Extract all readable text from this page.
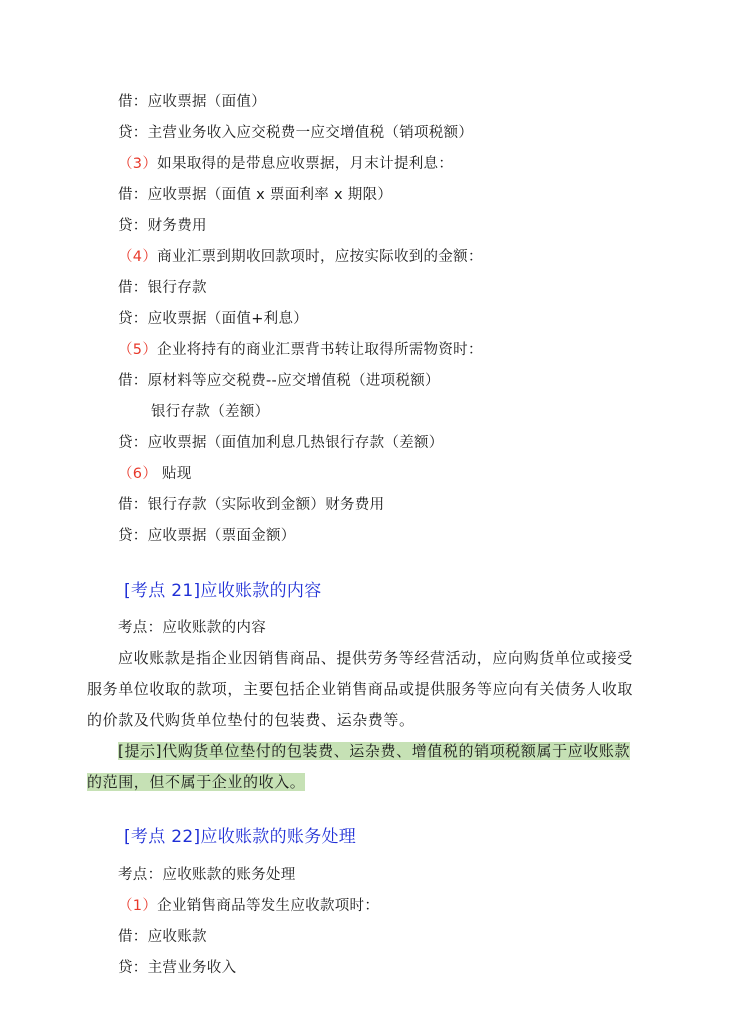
借：应收票据（面值）
贷：主营业务收入应交税费一应交增值税（销项税额）
（3）如果取得的是带息应收票据，月末计提利息：
借：应收票据（面值 x 票面利率 x 期限）
贷：财务费用
（4）商业汇票到期收回款项时，应按实际收到的金额：
借：银行存款
贷：应收票据（面值+利息）
（5）企业将持有的商业汇票背书转让取得所需物资时：
借：原材料等应交税费--应交增值税（进项税额）
银行存款（差额）
贷：应收票据（面值加利息几热银行存款（差额）
（6） 贴现
借：银行存款（实际收到金额）财务费用
贷：应收票据（票面金额）
[考点 21]应收账款的内容
考点：应收账款的内容
应收账款是指企业因销售商品、提供劳务等经营活动，应向购货单位或接受
服务单位收取的款项，主要包括企业销售商品或提供服务等应向有关债务人收取
的价款及代购货单位垫付的包装费、运杂费等。
[提示]代购货单位垫付的包装费、运杂费、增值税的销项税额属于应收账款
的范围，但不属于企业的收入。
[考点 22]应收账款的账务处理
考点：应收账款的账务处理
（1）企业销售商品等发生应收款项时：
借：应收账款
贷：主营业务收入
